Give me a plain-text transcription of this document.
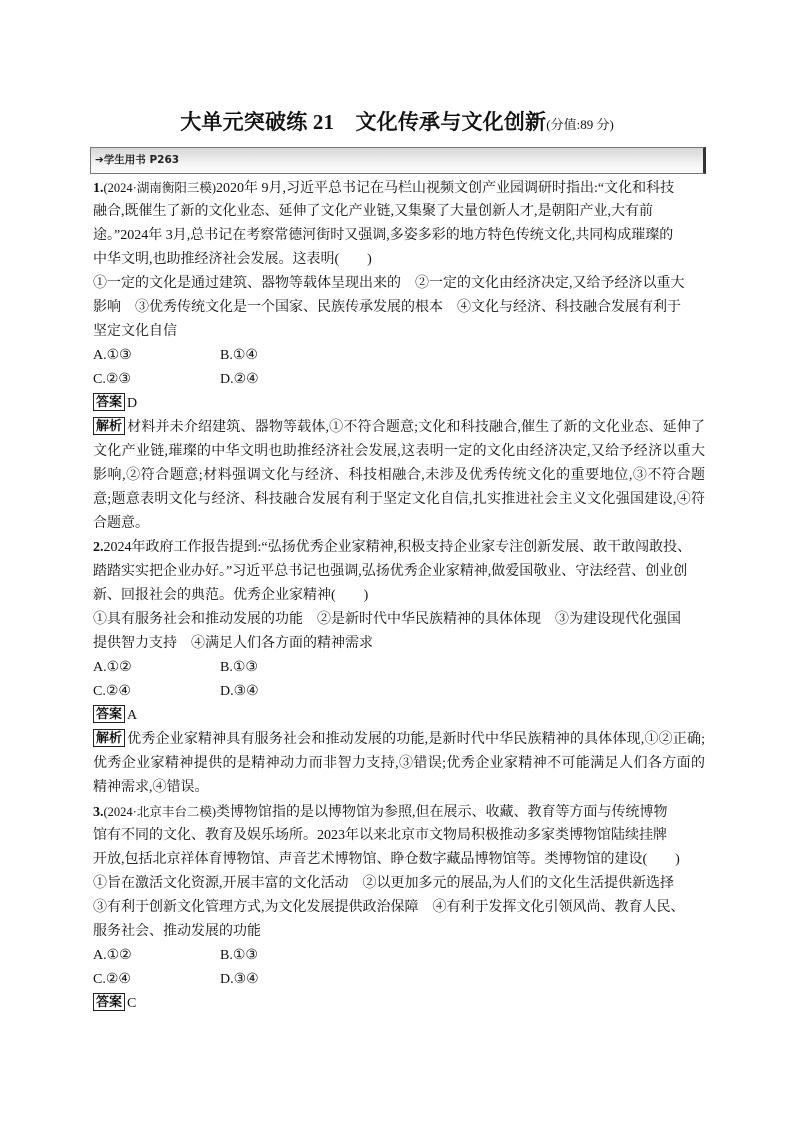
大单元突破练 21　文化传承与文化创新(分值:89 分)
➔学生用书 P263
1.(2024·湖南衡阳三模)2020年 9月,习近平总书记在马栏山视频文创产业园调研时指出:“文化和科技
融合,既催生了新的文化业态、延伸了文化产业链,又集聚了大量创新人才,是朝阳产业,大有前
途。”2024年 3月,总书记在考察常德河街时又强调,多姿多彩的地方特色传统文化,共同构成璀璨的
中华文明,也助推经济社会发展。这表明(　　)
①一定的文化是通过建筑、器物等载体呈现出来的　②一定的文化由经济决定,又给予经济以重大
影响　③优秀传统文化是一个国家、民族传承发展的根本　④文化与经济、科技融合发展有利于
坚定文化自信
A.①③	B.①④
C.②③	D.②④
答案 D
解析 材料并未介绍建筑、器物等载体,①不符合题意;文化和科技融合,催生了新的文化业态、延伸了
文化产业链,璀璨的中华文明也助推经济社会发展,这表明一定的文化由经济决定,又给予经济以重大
影响,②符合题意;材料强调文化与经济、科技相融合,未涉及优秀传统文化的重要地位,③不符合题
意;题意表明文化与经济、科技融合发展有利于坚定文化自信,扎实推进社会主义文化强国建设,④符
合题意。
2.2024年政府工作报告提到:“弘扬优秀企业家精神,积极支持企业家专注创新发展、敢干敢闯敢投、
踏踏实实把企业办好。”习近平总书记也强调,弘扬优秀企业家精神,做爱国敬业、守法经营、创业创
新、回报社会的典范。优秀企业家精神(　　)
①具有服务社会和推动发展的功能　②是新时代中华民族精神的具体体现　③为建设现代化强国
提供智力支持　④满足人们各方面的精神需求
A.①②	B.①③
C.②④	D.③④
答案 A
解析 优秀企业家精神具有服务社会和推动发展的功能,是新时代中华民族精神的具体体现,①②正确;
优秀企业家精神提供的是精神动力而非智力支持,③错误;优秀企业家精神不可能满足人们各方面的
精神需求,④错误。
3.(2024·北京丰台二模)类博物馆指的是以博物馆为参照,但在展示、收藏、教育等方面与传统博物
馆有不同的文化、教育及娱乐场所。2023年以来北京市文物局积极推动多家类博物馆陆续挂牌
开放,包括北京祥体育博物馆、声音艺术博物馆、睁仓数字藏品博物馆等。类博物馆的建设(　　)
①旨在激活文化资源,开展丰富的文化活动　②以更加多元的展品,为人们的文化生活提供新选择
③有利于创新文化管理方式,为文化发展提供政治保障　④有利于发挥文化引领风尚、教育人民、
服务社会、推动发展的功能
A.①②	B.①③
C.②④	D.③④
答案 C
